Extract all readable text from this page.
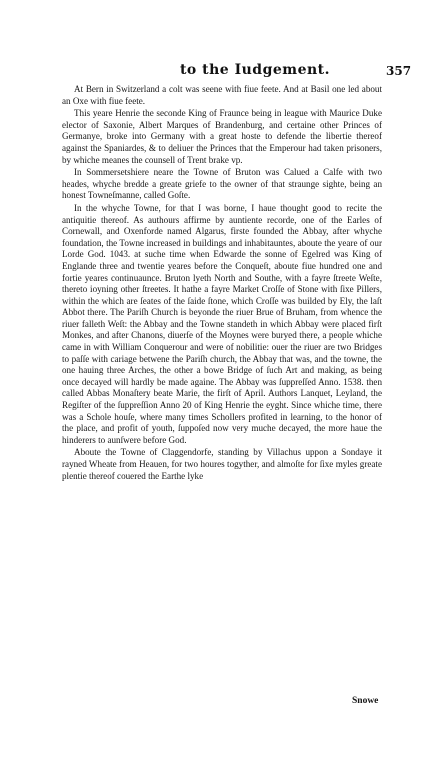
to the Iudgement.	357

At Bern in Switzerland a colt was seene with fiue feete. And at Basil one led about an Oxe with fiue feete.

This yeare Henrie the seconde King of Fraunce being in league with Maurice Duke elector of Saxonie, Albert Marques of Brandenburg, and certaine other Princes of Germanye, broke into Germany with a great hoste to defende the libertie thereof against the Spaniardes, & to deliuer the Princes that the Emperour had taken prisoners, by whiche meanes the counsell of Trent brake vp.

In Sommersetshiere neare the Towne of Bruton was Calued a Calfe with two heades, whyche bredde a greate griefe to the owner of that straunge sighte, being an honest Towneſmanne, called Goſte.

In the whyche Towne, for that I was borne, I haue thought good to recite the antiquitie thereof. As authours affirme by auntiente recorde, one of the Earles of Cornewall, and Oxenforde named Algarus, firste founded the Abbay, after whyche foundation, the Towne increased in buildings and inhabitauntes, aboute the yeare of our Lorde God. 1043. at suche time when Edwarde the sonne of Egelred was King of Englande three and twentie yeares before the Conqueſt, aboute fiue hundred one and fortie yeares continuaunce. Bruton lyeth North and Southe, with a fayre ſtreete Weſte, thereto ioyning other ſtreetes. It hathe a fayre Market Croſſe of Stone with ſixe Pillers, within the which are ſeates of the ſaide ſtone, which Croſſe was builded by Ely, the laſt Abbot there. The Pariſh Church is beyonde the riuer Brue of Bruham, from whence the riuer falleth Weſt: the Abbay and the Towne standeth in which Abbay were placed firſt Monkes, and after Chanons, diuerſe of the Moynes were buryed there, a people whiche came in with William Conquerour and were of nobilitie: ouer the riuer are two Bridges to paſſe with cariage betwene the Pariſh church, the Abbay that was, and the towne, the one hauing three Arches, the other a bowe Bridge of ſuch Art and making, as being once decayed will hardly be made againe. The Abbay was ſuppreſſed Anno. 1538. then called Abbas Monaſtery beate Marie, the firſt of April. Authors Lanquet, Leyland, the Regiſter of the ſuppreſſion Anno 20 of King Henrie the eyght. Since whiche time, there was a Schole houſe, where many times Schollers profited in learning, to the honor of the place, and profit of youth, ſuppoſed now very muche decayed, the more haue the hinderers to aunſwere before God.

Aboute the Towne of Claggendorfe, standing by Villachus uppon a Sondaye it rayned Wheate from Heauen, for two houres togyther, and almoſte for ſixe myles greate plentie thereof couered the Earthe lyke

Snowe
